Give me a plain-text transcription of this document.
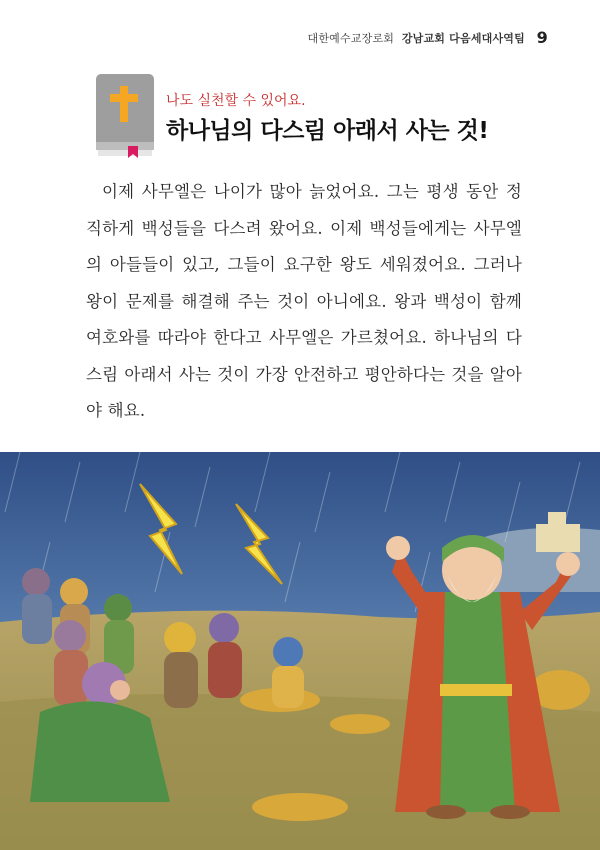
대한예수교장로회 강남교회 다음세대사역팀 9
나도 실천할 수 있어요.
하나님의 다스림 아래서 사는 것!

이제 사무엘은 나이가 많아 늙었어요. 그는 평생 동안 정직하게 백성들을 다스려 왔어요. 이제 백성들에게는 사무엘의 아들들이 있고, 그들이 요구한 왕도 세워졌어요. 그러나 왕이 문제를 해결해 주는 것이 아니에요. 왕과 백성이 함께 여호와를 따라야 한다고 사무엘은 가르쳤어요. 하나님의 다스림 아래서 사는 것이 가장 안전하고 평안하다는 것을 알아야 해요.
